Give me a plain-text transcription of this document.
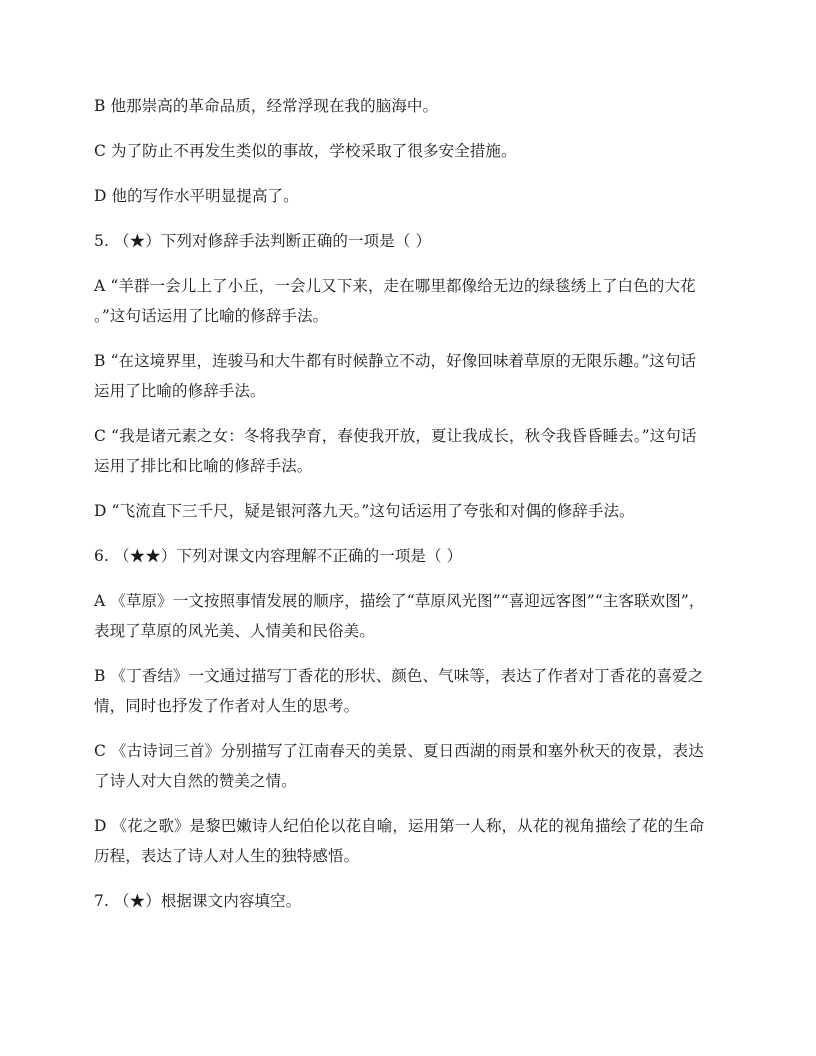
B 他那崇高的革命品质，经常浮现在我的脑海中。
C 为了防止不再发生类似的事故，学校采取了很多安全措施。
D 他的写作水平明显提高了。
5. （★）下列对修辞手法判断正确的一项是（ ）
A “羊群一会儿上了小丘，一会儿又下来，走在哪里都像给无边的绿毯绣上了白色的大花
。”这句话运用了比喻的修辞手法。
B “在这境界里，连骏马和大牛都有时候静立不动，好像回味着草原的无限乐趣。”这句话
运用了比喻的修辞手法。
C “我是诸元素之女：冬将我孕育，春使我开放，夏让我成长，秋令我昏昏睡去。”这句话
运用了排比和比喻的修辞手法。
D “飞流直下三千尺，疑是银河落九天。”这句话运用了夸张和对偶的修辞手法。
6. （★★）下列对课文内容理解不正确的一项是（ ）
A 《草原》一文按照事情发展的顺序，描绘了“草原风光图”“喜迎远客图”“主客联欢图”，
表现了草原的风光美、人情美和民俗美。
B 《丁香结》一文通过描写丁香花的形状、颜色、气味等，表达了作者对丁香花的喜爱之
情，同时也抒发了作者对人生的思考。
C 《古诗词三首》分别描写了江南春天的美景、夏日西湖的雨景和塞外秋天的夜景，表达
了诗人对大自然的赞美之情。
D 《花之歌》是黎巴嫩诗人纪伯伦以花自喻，运用第一人称，从花的视角描绘了花的生命
历程，表达了诗人对人生的独特感悟。
7. （★）根据课文内容填空。
